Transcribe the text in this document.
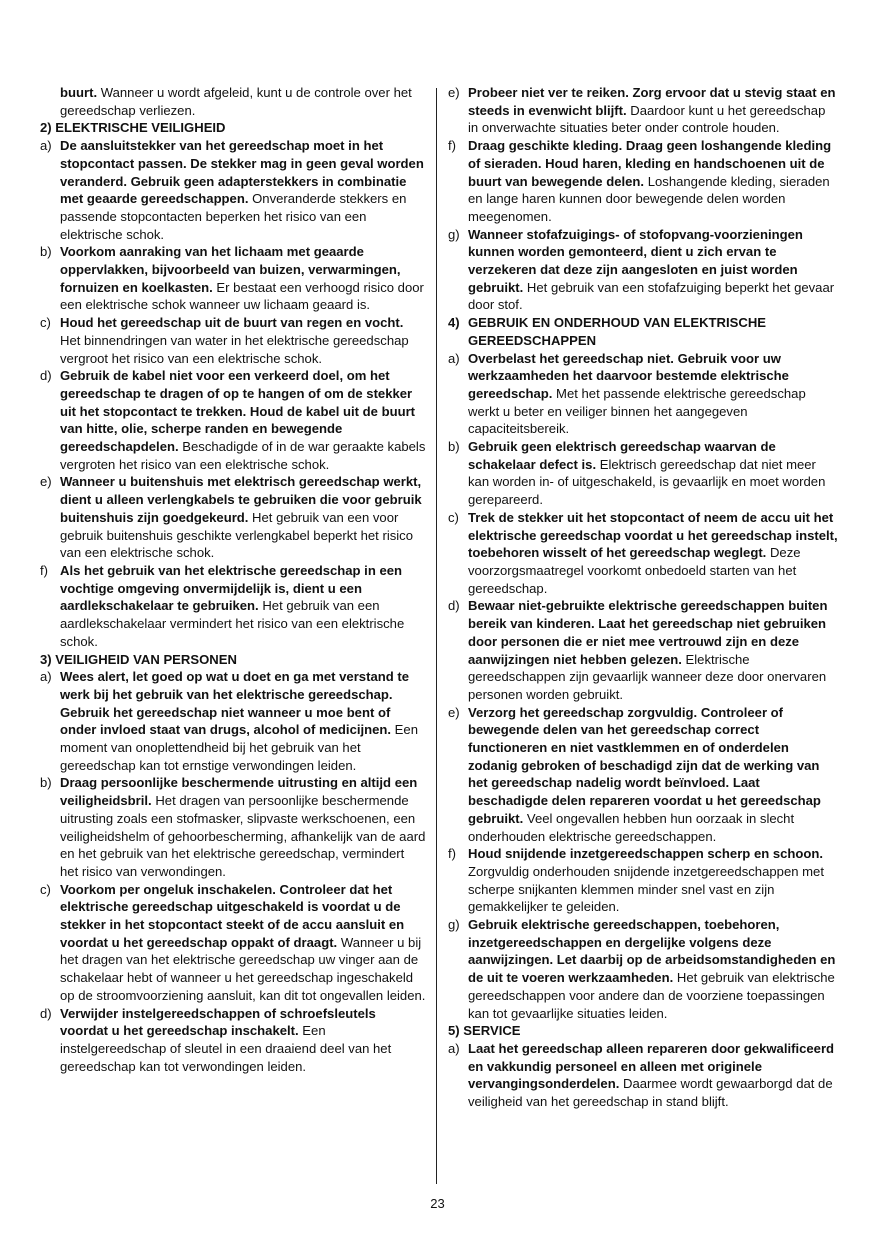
buurt. Wanneer u wordt afgeleid, kunt u de controle over het gereedschap verliezen.
2) ELEKTRISCHE VEILIGHEID
a) De aansluitstekker van het gereedschap moet in het stopcontact passen. De stekker mag in geen geval worden veranderd. Gebruik geen adapterstekkers in combinatie met geaarde gereedschappen. Onveranderde stekkers en passende stopcontacten beperken het risico van een elektrische schok.
b) Voorkom aanraking van het lichaam met geaarde oppervlakken, bijvoorbeeld van buizen, verwarmingen, fornuizen en koelkasten. Er bestaat een verhoogd risico door een elektrische schok wanneer uw lichaam geaard is.
c) Houd het gereedschap uit de buurt van regen en vocht. Het binnendringen van water in het elektrische gereedschap vergroot het risico van een elektrische schok.
d) Gebruik de kabel niet voor een verkeerd doel, om het gereedschap te dragen of op te hangen of om de stekker uit het stopcontact te trekken. Houd de kabel uit de buurt van hitte, olie, scherpe randen en bewegende gereedschapdelen. Beschadigde of in de war geraakte kabels vergroten het risico van een elektrische schok.
e) Wanneer u buitenshuis met elektrisch gereedschap werkt, dient u alleen verlengkabels te gebruiken die voor gebruik buitenshuis zijn goedgekeurd. Het gebruik van een voor gebruik buitenshuis geschikte verlengkabel beperkt het risico van een elektrische schok.
f) Als het gebruik van het elektrische gereedschap in een vochtige omgeving onvermijdelijk is, dient u een aardlekschakelaar te gebruiken. Het gebruik van een aardlekschakelaar vermindert het risico van een elektrische schok.
3) VEILIGHEID VAN PERSONEN
a) Wees alert, let goed op wat u doet en ga met verstand te werk bij het gebruik van het elektrische gereedschap. Gebruik het gereedschap niet wanneer u moe bent of onder invloed staat van drugs, alcohol of medicijnen. Een moment van onoplettendheid bij het gebruik van het gereedschap kan tot ernstige verwondingen leiden.
b) Draag persoonlijke beschermende uitrusting en altijd een veiligheidsbril. Het dragen van persoonlijke beschermende uitrusting zoals een stofmasker, slipvaste werkschoenen, een veiligheidshelm of gehoorbescherming, afhankelijk van de aard en het gebruik van het elektrische gereedschap, vermindert het risico van verwondingen.
c) Voorkom per ongeluk inschakelen. Controleer dat het elektrische gereedschap uitgeschakeld is voordat u de stekker in het stopcontact steekt of de accu aansluit en voordat u het gereedschap oppakt of draagt. Wanneer u bij het dragen van het elektrische gereedschap uw vinger aan de schakelaar hebt of wanneer u het gereedschap ingeschakeld op de stroomvoorziening aansluit, kan dit tot ongevallen leiden.
d) Verwijder instelgereedschappen of schroefsleutels voordat u het gereedschap inschakelt. Een instelgereedschap of sleutel in een draaiend deel van het gereedschap kan tot verwondingen leiden.
e) Probeer niet ver te reiken. Zorg ervoor dat u stevig staat en steeds in evenwicht blijft. Daardoor kunt u het gereedschap in onverwachte situaties beter onder controle houden.
f) Draag geschikte kleding. Draag geen loshangende kleding of sieraden. Houd haren, kleding en handschoenen uit de buurt van bewegende delen. Loshangende kleding, sieraden en lange haren kunnen door bewegende delen worden meegenomen.
g) Wanneer stofafzuigings- of stofopvang-voorzieningen kunnen worden gemonteerd, dient u zich ervan te verzekeren dat deze zijn aangesloten en juist worden gebruikt. Het gebruik van een stofafzuiging beperkt het gevaar door stof.
4) GEBRUIK EN ONDERHOUD VAN ELEKTRISCHE GEREEDSCHAPPEN
a) Overbelast het gereedschap niet. Gebruik voor uw werkzaamheden het daarvoor bestemde elektrische gereedschap. Met het passende elektrische gereedschap werkt u beter en veiliger binnen het aangegeven capaciteitsbereik.
b) Gebruik geen elektrisch gereedschap waarvan de schakelaar defect is. Elektrisch gereedschap dat niet meer kan worden in- of uitgeschakeld, is gevaarlijk en moet worden gerepareerd.
c) Trek de stekker uit het stopcontact of neem de accu uit het elektrische gereedschap voordat u het gereedschap instelt, toebehoren wisselt of het gereedschap weglegt. Deze voorzorgsmaatregel voorkomt onbedoeld starten van het gereedschap.
d) Bewaar niet-gebruikte elektrische gereedschappen buiten bereik van kinderen. Laat het gereedschap niet gebruiken door personen die er niet mee vertrouwd zijn en deze aanwijzingen niet hebben gelezen. Elektrische gereedschappen zijn gevaarlijk wanneer deze door onervaren personen worden gebruikt.
e) Verzorg het gereedschap zorgvuldig. Controleer of bewegende delen van het gereedschap correct functioneren en niet vastklemmen en of onderdelen zodanig gebroken of beschadigd zijn dat de werking van het gereedschap nadelig wordt beïnvloed. Laat beschadigde delen repareren voordat u het gereedschap gebruikt. Veel ongevallen hebben hun oorzaak in slecht onderhouden elektrische gereedschappen.
f) Houd snijdende inzetgereedschappen scherp en schoon. Zorgvuldig onderhouden snijdende inzetgereedschappen met scherpe snijkanten klemmen minder snel vast en zijn gemakkelijker te geleiden.
g) Gebruik elektrische gereedschappen, toebehoren, inzetgereedschappen en dergelijke volgens deze aanwijzingen. Let daarbij op de arbeidsomstandigheden en de uit te voeren werkzaamheden. Het gebruik van elektrische gereedschappen voor andere dan de voorziene toepassingen kan tot gevaarlijke situaties leiden.
5) SERVICE
a) Laat het gereedschap alleen repareren door gekwalificeerd en vakkundig personeel en alleen met originele vervangingsonderdelen. Daarmee wordt gewaarborgd dat de veiligheid van het gereedschap in stand blijft.
23
